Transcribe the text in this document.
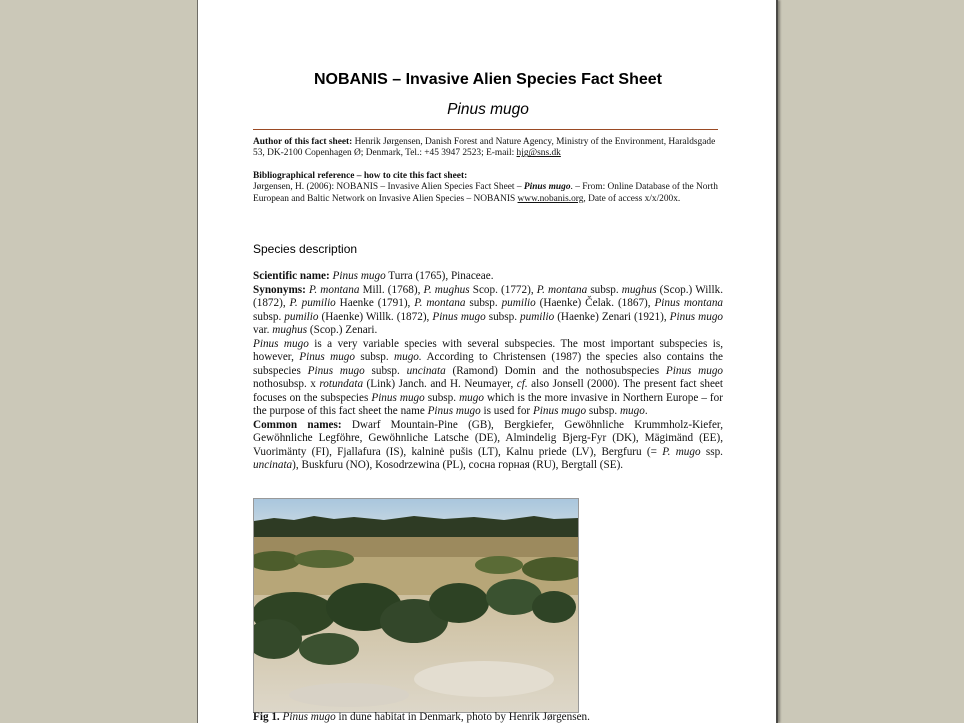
NOBANIS – Invasive Alien Species Fact Sheet
Pinus mugo
Author of this fact sheet: Henrik Jørgensen, Danish Forest and Nature Agency, Ministry of the Environment, Haraldsgade 53, DK-2100 Copenhagen Ø; Denmark, Tel.: +45 3947 2523; E-mail: hjg@sns.dk
Bibliographical reference – how to cite this fact sheet:
Jørgensen, H. (2006): NOBANIS – Invasive Alien Species Fact Sheet – Pinus mugo. – From: Online Database of the North European and Baltic Network on Invasive Alien Species – NOBANIS www.nobanis.org, Date of access x/x/200x.
Species description

Scientific name: Pinus mugo Turra (1765), Pinaceae.

Synonyms: P. montana Mill. (1768), P. mughus Scop. (1772), P. montana subsp. mughus (Scop.) Willk. (1872), P. pumilio Haenke (1791), P. montana subsp. pumilio (Haenke) Čelak. (1867), Pinus montana subsp. pumilio (Haenke) Willk. (1872), Pinus mugo subsp. pumilio (Haenke) Zenari (1921), Pinus mugo var. mughus (Scop.) Zenari.

Pinus mugo is a very variable species with several subspecies. The most important subspecies is, however, Pinus mugo subsp. mugo. According to Christensen (1987) the species also contains the subspecies Pinus mugo subsp. uncinata (Ramond) Domin and the nothosubspecies Pinus mugo nothosubsp. x rotundata (Link) Janch. and H. Neumayer, cf. also Jonsell (2000). The present fact sheet focuses on the subspecies Pinus mugo subsp. mugo which is the more invasive in Northern Europe – for the purpose of this fact sheet the name Pinus mugo is used for Pinus mugo subsp. mugo.

Common names: Dwarf Mountain-Pine (GB), Bergkiefer, Gewöhnliche Krummholz-Kiefer, Gewöhnliche Legföhre, Gewöhnliche Latsche (DE), Almindelig Bjerg-Fyr (DK), Mägimänd (EE), Vuorimänty (FI), Fjallafura (IS), kalninė pušis (LT), Kalnu priede (LV), Bergfuru (= P. mugo ssp. uncinata), Buskfuru (NO), Kosodrzewina (PL), сосна горная (RU), Bergtall (SE).

Fig 1. Pinus mugo in dune habitat in Denmark, photo by Henrik Jørgensen.
